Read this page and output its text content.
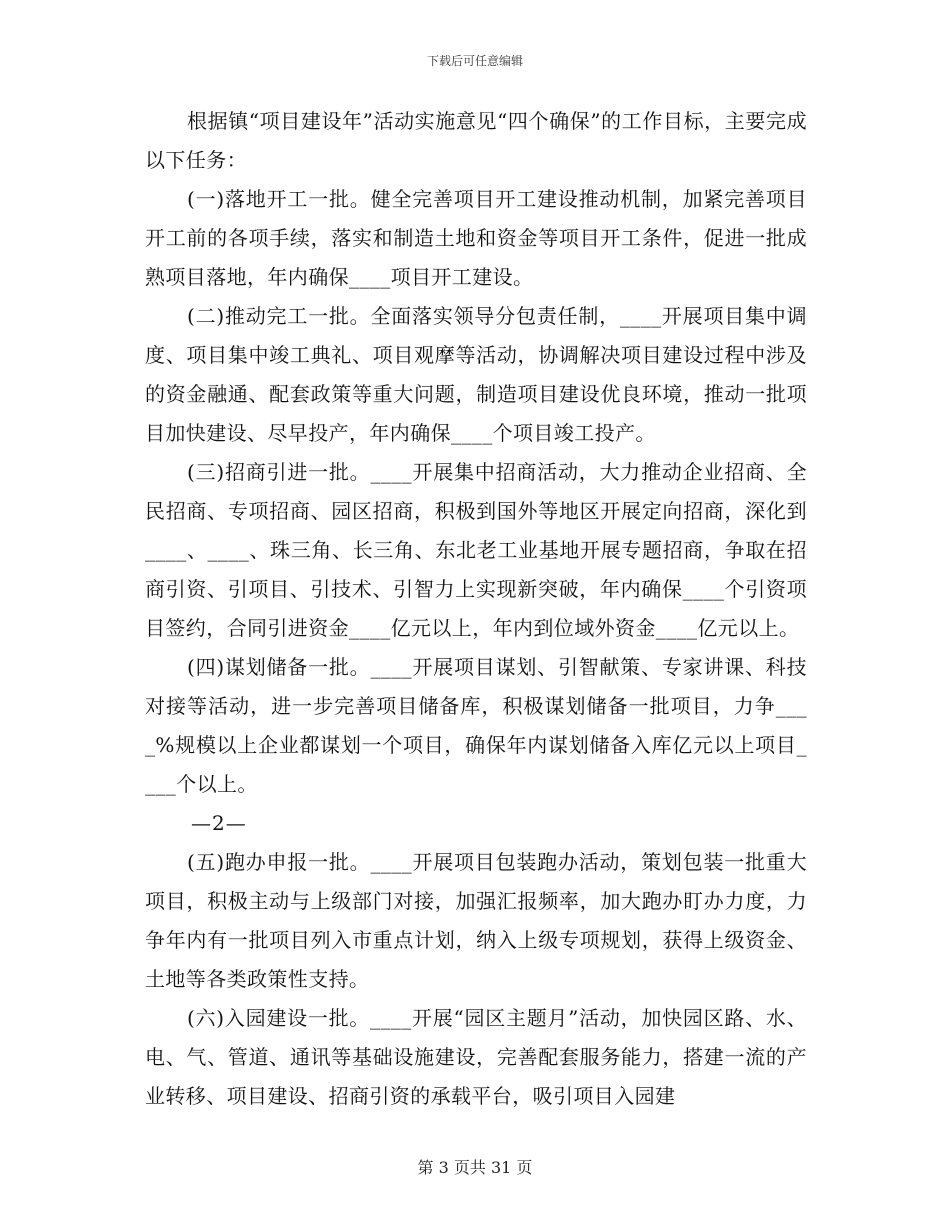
下载后可任意编辑

根据镇“项目建设年”活动实施意见“四个确保”的工作目标，主要完成以下任务：

(一)落地开工一批。健全完善项目开工建设推动机制，加紧完善项目开工前的各项手续，落实和制造土地和资金等项目开工条件，促进一批成熟项目落地，年内确保____项目开工建设。

(二)推动完工一批。全面落实领导分包责任制，____开展项目集中调度、项目集中竣工典礼、项目观摩等活动，协调解决项目建设过程中涉及的资金融通、配套政策等重大问题，制造项目建设优良环境，推动一批项目加快建设、尽早投产，年内确保____个项目竣工投产。

(三)招商引进一批。____开展集中招商活动，大力推动企业招商、全民招商、专项招商、园区招商，积极到国外等地区开展定向招商，深化到____、____、珠三角、长三角、东北老工业基地开展专题招商，争取在招商引资、引项目、引技术、引智力上实现新突破，年内确保____个引资项目签约，合同引进资金____亿元以上，年内到位域外资金____亿元以上。

(四)谋划储备一批。____开展项目谋划、引智献策、专家讲课、科技对接等活动，进一步完善项目储备库，积极谋划储备一批项目，力争____%规模以上企业都谋划一个项目，确保年内谋划储备入库亿元以上项目____个以上。

—2—

(五)跑办申报一批。____开展项目包装跑办活动，策划包装一批重大项目，积极主动与上级部门对接，加强汇报频率，加大跑办盯办力度，力争年内有一批项目列入市重点计划，纳入上级专项规划，获得上级资金、土地等各类政策性支持。

(六)入园建设一批。____开展“园区主题月”活动，加快园区路、水、电、气、管道、通讯等基础设施建设，完善配套服务能力，搭建一流的产业转移、项目建设、招商引资的承载平台，吸引项目入园建

第 3 页共 31 页
